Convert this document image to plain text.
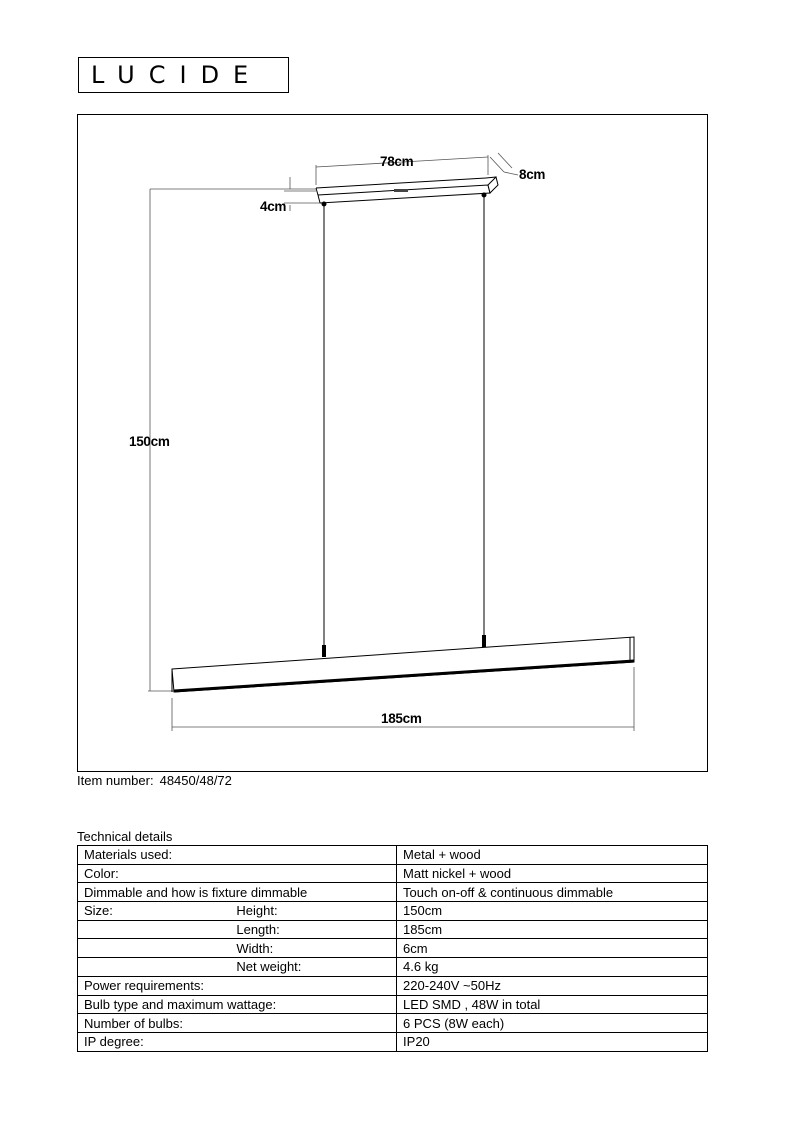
LUCIDE
78cm
8cm
4cm
150cm
185cm
Item number: 48450/48/72
Technical details
Materials used:		Metal + wood
Color:		Matt nickel + wood
Dimmable and how is fixture dimmable		Touch on-off & continuous dimmable
Size:	Height:	150cm
	Length:	185cm
	Width:	6cm
	Net weight:	4.6 kg
Power requirements:		220-240V ~50Hz
Bulb type and maximum wattage:		LED SMD , 48W in total
Number of bulbs:		6 PCS (8W each)
IP degree:		IP20
